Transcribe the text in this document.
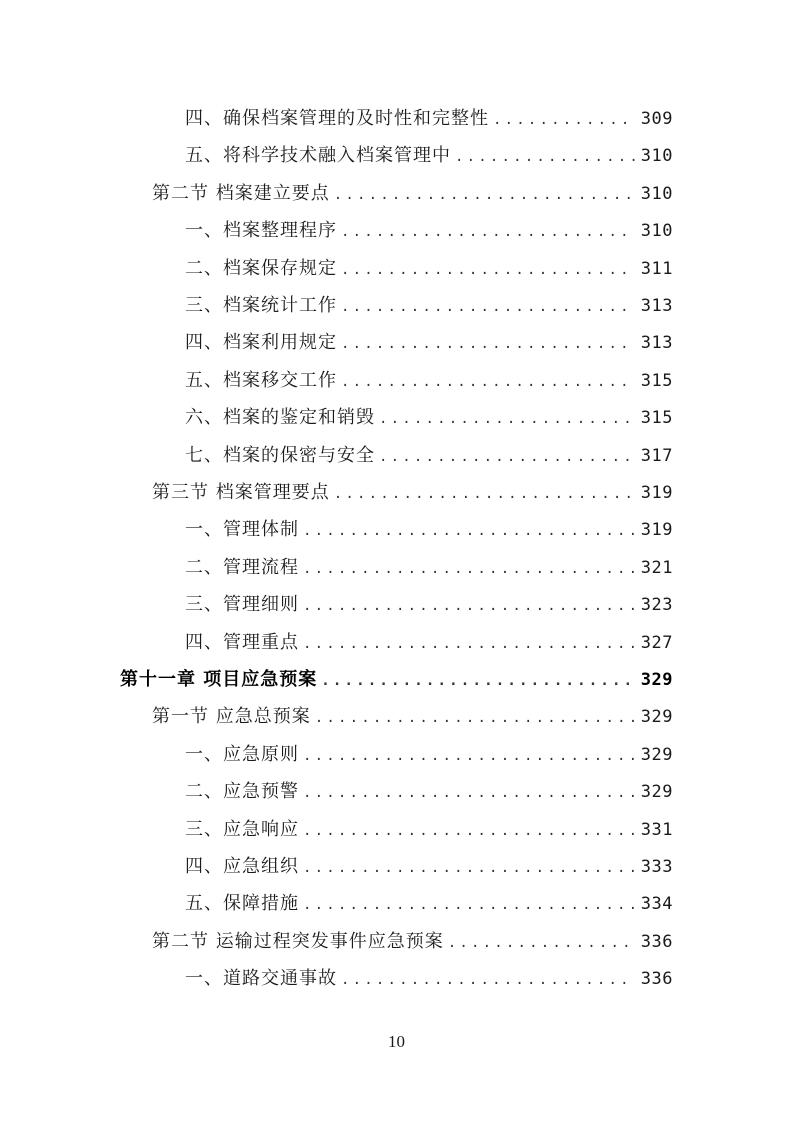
四、确保档案管理的及时性和完整性 .....	309
五、将科学技术融入档案管理中 .....	310
第二节 档案建立要点 .....	310
一、档案整理程序 .....	310
二、档案保存规定 .....	311
三、档案统计工作 .....	313
四、档案利用规定 .....	313
五、档案移交工作 .....	315
六、档案的鉴定和销毁 .....	315
七、档案的保密与安全 .....	317
第三节 档案管理要点 .....	319
一、管理体制 .....	319
二、管理流程 .....	321
三、管理细则 .....	323
四、管理重点 .....	327
第十一章 项目应急预案 .....	329
第一节 应急总预案 .....	329
一、应急原则 .....	329
二、应急预警 .....	329
三、应急响应 .....	331
四、应急组织 .....	333
五、保障措施 .....	334
第二节 运输过程突发事件应急预案 .....	336
一、道路交通事故 .....	336
10
